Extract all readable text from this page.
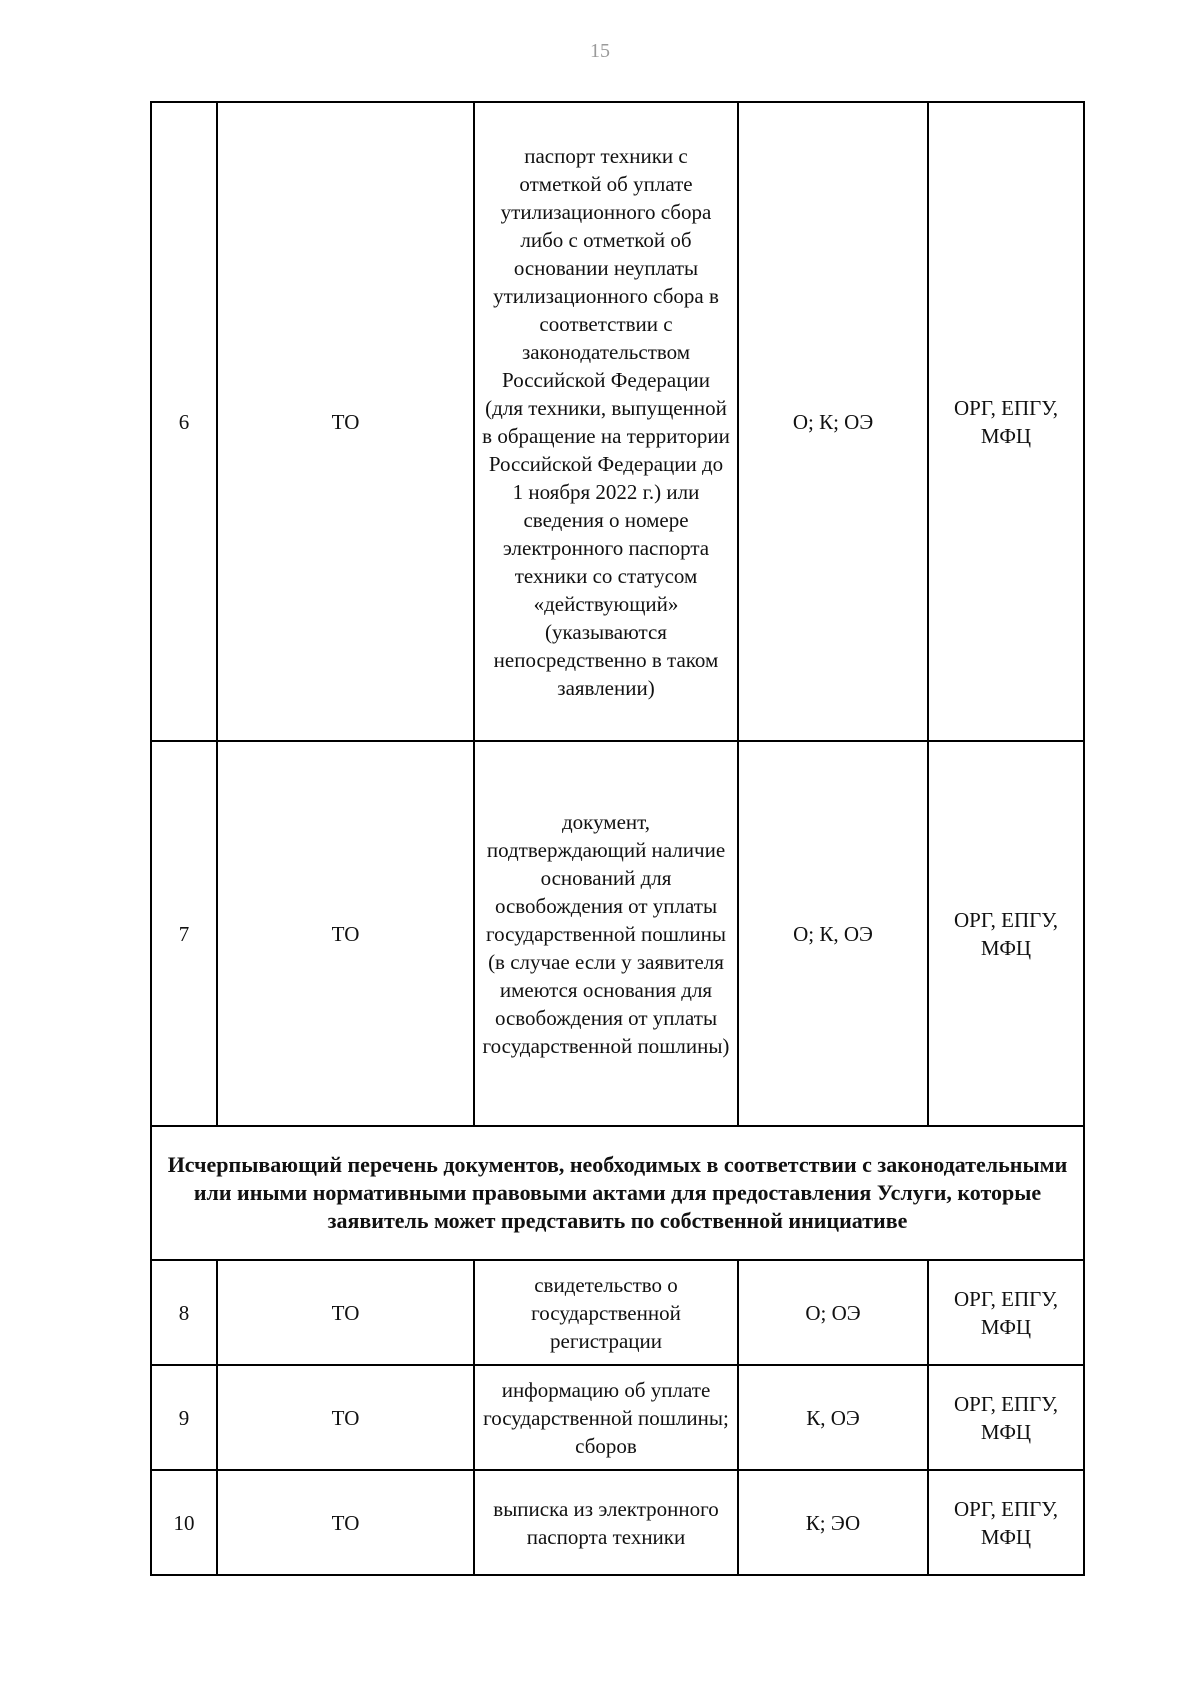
15
6	ТО	паспорт техники с отметкой об уплате утилизационного сбора либо с отметкой об основании неуплаты утилизационного сбора в соответствии с законодательством Российской Федерации (для техники, выпущенной в обращение на территории Российской Федерации до 1 ноября 2022 г.) или сведения о номере электронного паспорта техники со статусом «действующий» (указываются непосредственно в таком заявлении)	О; К; ОЭ	ОРГ, ЕПГУ, МФЦ
7	ТО	документ, подтверждающий наличие оснований для освобождения от уплаты государственной пошлины (в случае если у заявителя имеются основания для освобождения от уплаты государственной пошлины)	О; К, ОЭ	ОРГ, ЕПГУ, МФЦ
Исчерпывающий перечень документов, необходимых в соответствии с законодательными или иными нормативными правовыми актами для предоставления Услуги, которые заявитель может представить по собственной инициативе				
8	ТО	свидетельство о государственной регистрации	О; ОЭ	ОРГ, ЕПГУ, МФЦ
9	ТО	информацию об уплате государственной пошлины; сборов	К, ОЭ	ОРГ, ЕПГУ, МФЦ
10	ТО	выписка из электронного паспорта техники	К; ЭО	ОРГ, ЕПГУ, МФЦ
